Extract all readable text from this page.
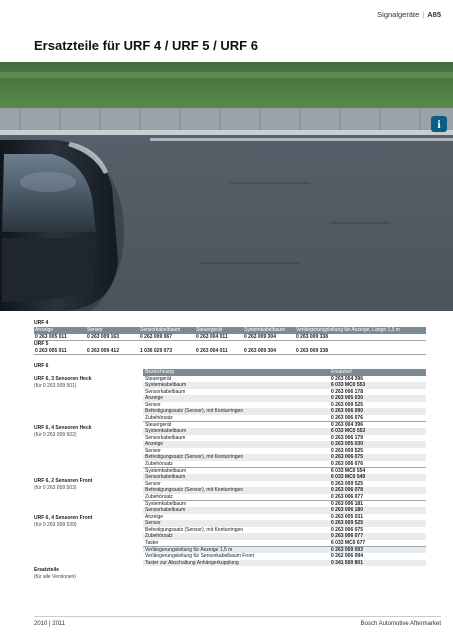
Signalgeräte | A85
Ersatzteile für URF 4 / URF 5 / URF 6
i
URF 4
Anzeige	Sensor	Sensorkabelbaum	Steuergerät	Systemkabelbaum	Verlängerungsleitung für Anzeige, Länge 1,5 m
0 263 005 011	0 263 009 163	0 263 009 067	0 263 004 011	0 263 009 304	0 263 009 338
URF 5
0 263 005 011	0 263 009 412	1 036 029 073	0 263 004 011	0 263 009 304	0 263 009 338
URF 6
URF 6, 3 Sensoren Heck
(für 0 263 009 501)
URF 6, 4 Sensoren Heck
(für 0 263 009 502)
URF 6, 2 Sensoren Front
(für 0 263 009 503)
URF 6, 4 Sensoren Front
(für 0 263 009 539)
Ersatzteile
(für alle Versionen)
Bezeichnung	Ersatzteil
Steuergerät	0 263 004 396
Systemkabelbaum	6 033 MC0 553
Sensorkabelbaum	0 263 006 178
Anzeige	0 263 005 030
Sensor	0 263 009 525
Befestigungssatz (Sensor), mit Konturringen	0 263 006 090
Zubehörsatz	0 263 006 076
Steuergerät	0 263 004 396
Systemkabelbaum	6 033 MC0 553
Sensorkabelbaum	0 263 006 179
Anzeige	0 263 005 030
Sensor	0 263 009 525
Befestigungssatz (Sensor), mit Konturringen	0 263 006 075
Zubehörsatz	0 263 006 076
Systemkabelbaum	6 033 MC0 554
Sensorkabelbaum	6 033 MC0 549
Sensor	0 263 009 525
Befestigungssatz (Sensor), mit Konturringen	0 263 006 078
Zubehörsatz	0 263 006 077
Systemkabelbaum	0 263 006 181
Sensorkabelbaum	0 263 006 180
Anzeige	0 263 005 031
Sensor	0 263 009 525
Befestigungssatz (Sensor), mit Konturringen	0 263 006 075
Zubehörsatz	0 263 006 077
Taster	6 033 MC0 677
Verlängerungsleitung für Anzeige 1,5 m	0 263 009 093
Verlängerungsleitung für Sensorkabelbaum Front	0 262 006 094
Taster zur Abschaltung Anhängerkupplung	0 341 500 801
2010 | 2011	Bosch Automotive Aftermarket
